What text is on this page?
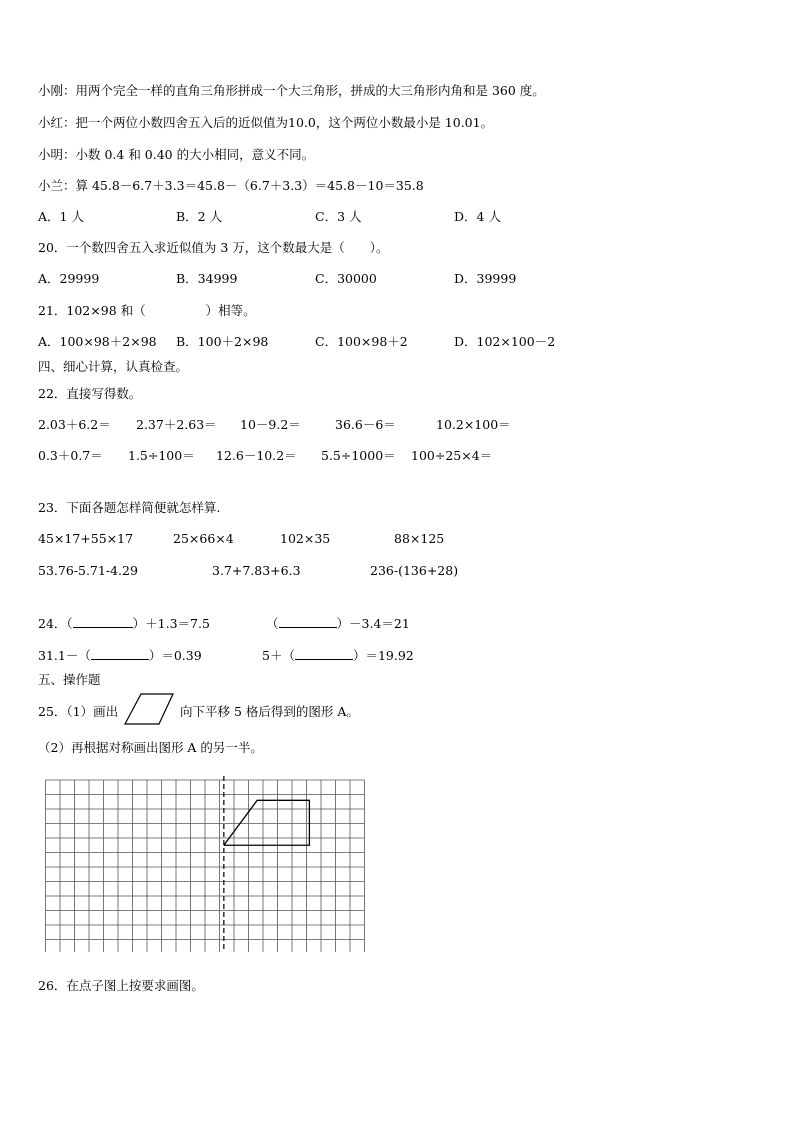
小刚：用两个完全一样的直角三角形拼成一个大三角形，拼成的大三角形内角和是 360 度。
小红：把一个两位小数四舍五入后的近似值为10.0，这个两位小数最小是 10.01。
小明：小数 0.4 和 0.40 的大小相同，意义不同。
小兰：算 45.8－6.7＋3.3＝45.8－（6.7＋3.3）＝45.8－10＝35.8
A．1 人	B．2 人	C．3 人	D．4 人
20．一个数四舍五入求近似值为 3 万，这个数最大是（　　）。
A．29999	B．34999	C．30000	D．39999
21．102×98 和（	）相等。
A．100×98＋2×98 B．100＋2×98	C．100×98＋2	D．102×100－2
四、细心计算，认真检查。
22．直接写得数。
2.03＋6.2＝ 2.37＋2.63＝ 10－9.2＝	36.6－6＝	10.2×100＝
0.3＋0.7＝ 1.5÷100＝ 12.6－10.2＝ 5.5÷1000＝ 100÷25×4＝
23．下面各题怎样简便就怎样算.
45×17+55×17	25×66×4	102×35	88×125
53.76-5.71-4.29	3.7+7.83+6.3	236-(136+28)
24．（	）＋1.3＝7.5	（	）－3.4＝21
31.1－（	）＝0.39	5＋（	）＝19.92
五、操作题
25．（1）画出	向下平移 5 格后得到的图形 A。
（2）再根据对称画出图形 A 的另一半。
26．在点子图上按要求画图。
